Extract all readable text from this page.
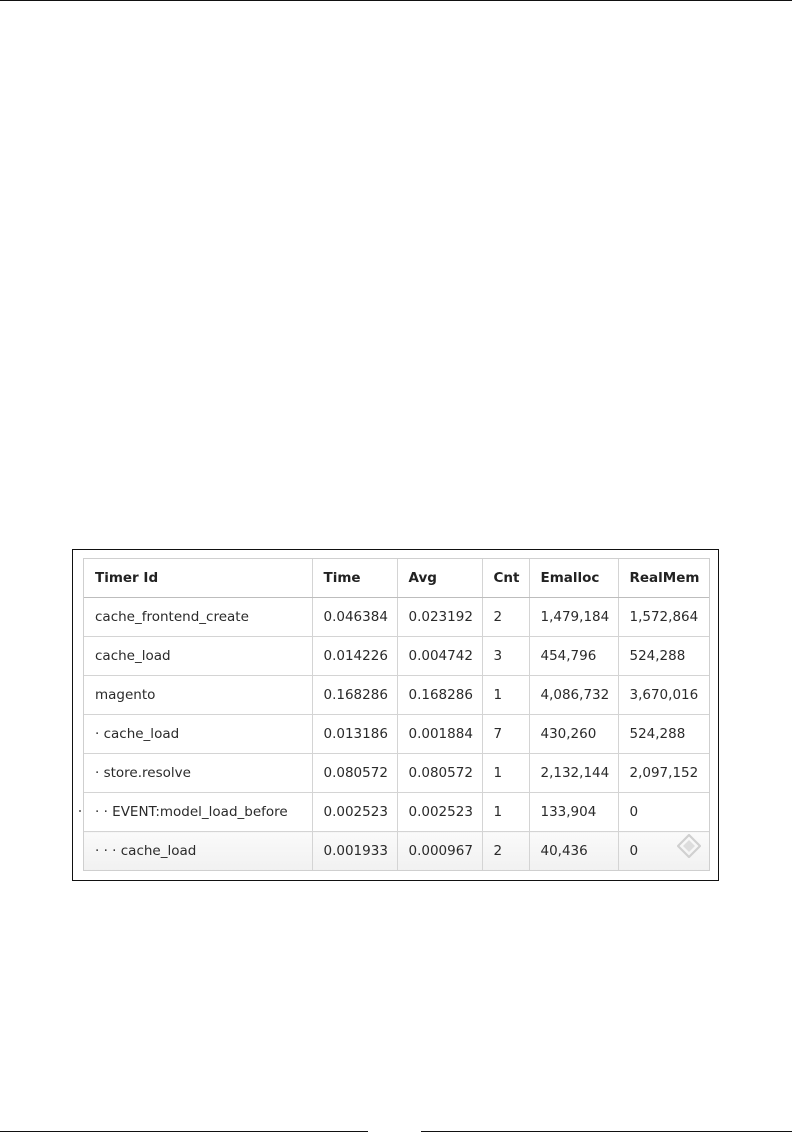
Timer Id	Time	Avg	Cnt	Emalloc	RealMem
cache_frontend_create	0.046384	0.023192	2	1,479,184	1,572,864
cache_load	0.014226	0.004742	3	454,796	524,288
magento	0.168286	0.168286	1	4,086,732	3,670,016
· cache_load	0.013186	0.001884	7	430,260	524,288
· store.resolve	0.080572	0.080572	1	2,132,144	2,097,152
· · EVENT:model_load_before	0.002523	0.002523	1	133,904	0
· · · cache_load	0.001933	0.000967	2	40,436	0
